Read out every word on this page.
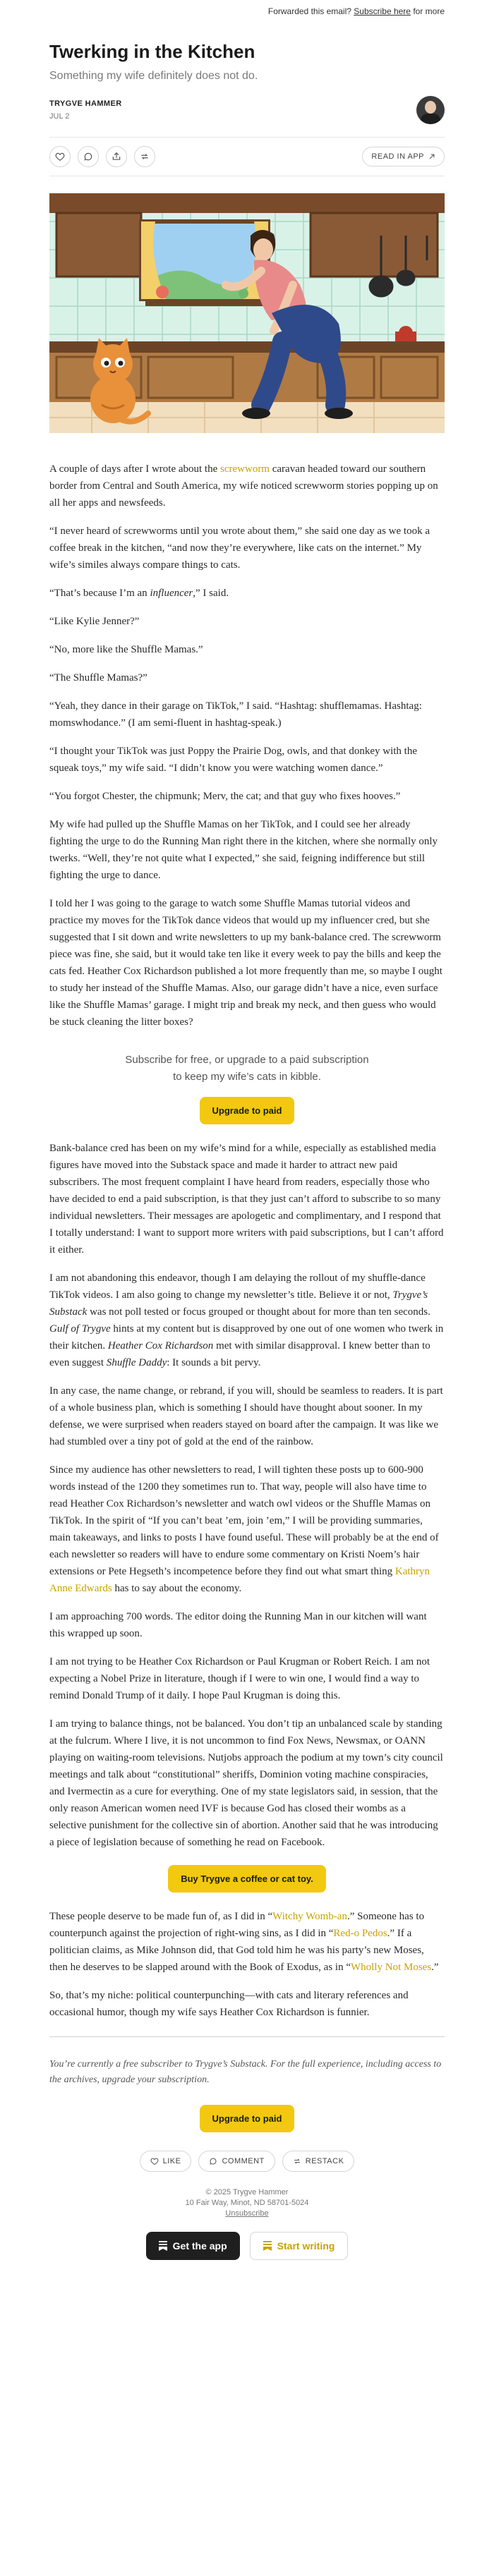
Forwarded this email? Subscribe here for more
Twerking in the Kitchen
Something my wife definitely does not do.
TRYGVE HAMMER
JUL 2
READ IN APP

A couple of days after I wrote about the screwworm caravan headed toward our southern border from Central and South America, my wife noticed screwworm stories popping up on all her apps and newsfeeds.

“I never heard of screwworms until you wrote about them,” she said one day as we took a coffee break in the kitchen, “and now they’re everywhere, like cats on the internet.” My wife’s similes always compare things to cats.

“That’s because I’m an influencer,” I said.

“Like Kylie Jenner?”

“No, more like the Shuffle Mamas.”

“The Shuffle Mamas?”

“Yeah, they dance in their garage on TikTok,” I said. “Hashtag: shufflemamas. Hashtag: momswhodance.” (I am semi-fluent in hashtag-speak.)

“I thought your TikTok was just Poppy the Prairie Dog, owls, and that donkey with the squeak toys,” my wife said. “I didn’t know you were watching women dance.”

“You forgot Chester, the chipmunk; Merv, the cat; and that guy who fixes hooves.”

My wife had pulled up the Shuffle Mamas on her TikTok, and I could see her already fighting the urge to do the Running Man right there in the kitchen, where she normally only twerks. “Well, they’re not quite what I expected,” she said, feigning indifference but still fighting the urge to dance.

I told her I was going to the garage to watch some Shuffle Mamas tutorial videos and practice my moves for the TikTok dance videos that would up my influencer cred, but she suggested that I sit down and write newsletters to up my bank-balance cred. The screwworm piece was fine, she said, but it would take ten like it every week to pay the bills and keep the cats fed. Heather Cox Richardson published a lot more frequently than me, so maybe I ought to study her instead of the Shuffle Mamas. Also, our garage didn’t have a nice, even surface like the Shuffle Mamas’ garage. I might trip and break my neck, and then guess who would be stuck cleaning the litter boxes?

Subscribe for free, or upgrade to a paid subscription
to keep my wife’s cats in kibble.
Upgrade to paid

Bank-balance cred has been on my wife’s mind for a while, especially as established media figures have moved into the Substack space and made it harder to attract new paid subscribers. The most frequent complaint I have heard from readers, especially those who have decided to end a paid subscription, is that they just can’t afford to subscribe to so many individual newsletters. Their messages are apologetic and complimentary, and I respond that I totally understand: I want to support more writers with paid subscriptions, but I can’t afford it either.

I am not abandoning this endeavor, though I am delaying the rollout of my shuffle-dance TikTok videos. I am also going to change my newsletter’s title. Believe it or not, Trygve’s Substack was not poll tested or focus grouped or thought about for more than ten seconds. Gulf of Trygve hints at my content but is disapproved by one out of one women who twerk in their kitchen. Heather Cox Richardson met with similar disapproval. I knew better than to even suggest Shuffle Daddy: It sounds a bit pervy.

In any case, the name change, or rebrand, if you will, should be seamless to readers. It is part of a whole business plan, which is something I should have thought about sooner. In my defense, we were surprised when readers stayed on board after the campaign. It was like we had stumbled over a tiny pot of gold at the end of the rainbow.

Since my audience has other newsletters to read, I will tighten these posts up to 600-900 words instead of the 1200 they sometimes run to. That way, people will also have time to read Heather Cox Richardson’s newsletter and watch owl videos or the Shuffle Mamas on TikTok. In the spirit of “If you can’t beat ’em, join ’em,” I will be providing summaries, main takeaways, and links to posts I have found useful. These will probably be at the end of each newsletter so readers will have to endure some commentary on Kristi Noem’s hair extensions or Pete Hegseth’s incompetence before they find out what smart thing Kathryn Anne Edwards has to say about the economy.

I am approaching 700 words. The editor doing the Running Man in our kitchen will want this wrapped up soon.

I am not trying to be Heather Cox Richardson or Paul Krugman or Robert Reich. I am not expecting a Nobel Prize in literature, though if I were to win one, I would find a way to remind Donald Trump of it daily. I hope Paul Krugman is doing this.

I am trying to balance things, not be balanced. You don’t tip an unbalanced scale by standing at the fulcrum. Where I live, it is not uncommon to find Fox News, Newsmax, or OANN playing on waiting-room televisions. Nutjobs approach the podium at my town’s city council meetings and talk about “constitutional” sheriffs, Dominion voting machine conspiracies, and Ivermectin as a cure for everything. One of my state legislators said, in session, that the only reason American women need IVF is because God has closed their wombs as a selective punishment for the collective sin of abortion. Another said that he was introducing a piece of legislation because of something he read on Facebook.

Buy Trygve a coffee or cat toy.

These people deserve to be made fun of, as I did in “Witchy Womb-an.” Someone has to counterpunch against the projection of right-wing sins, as I did in “Red-o Pedos.” If a politician claims, as Mike Johnson did, that God told him he was his party’s new Moses, then he deserves to be slapped around with the Book of Exodus, as in “Wholly Not Moses.”

So, that’s my niche: political counterpunching—with cats and literary references and occasional humor, though my wife says Heather Cox Richardson is funnier.

You’re currently a free subscriber to Trygve’s Substack. For the full experience, including access to the archives, upgrade your subscription.
Upgrade to paid
LIKE	COMMENT	RESTACK
© 2025 Trygve Hammer
10 Fair Way, Minot, ND 58701-5024
Unsubscribe
Get the app	Start writing
